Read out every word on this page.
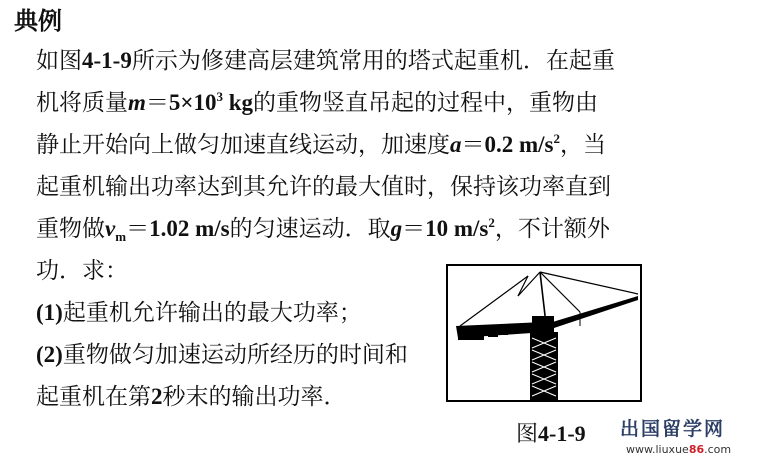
典例
如图4-1-9所示为修建高层建筑常用的塔式起重机．在起重
机将质量$m=5\times 10^3$ kg的重物竖直吊起的过程中，重物由
静止开始向上做匀加速直线运动，加速度a＝0.2 $m/s^2$，当
起重机输出功率达到其允许的最大值时，保持该功率直到
重物做$v_m=1.02$ m/s的匀速运动．取g＝10 $m/s^2$，不计额外
功．求：
(1)起重机允许输出的最大功率；
(2)重物做匀加速运动所经历的时间和
起重机在第2秒末的输出功率．
图4-1-9 出国留学网
www.liuxue86.com
